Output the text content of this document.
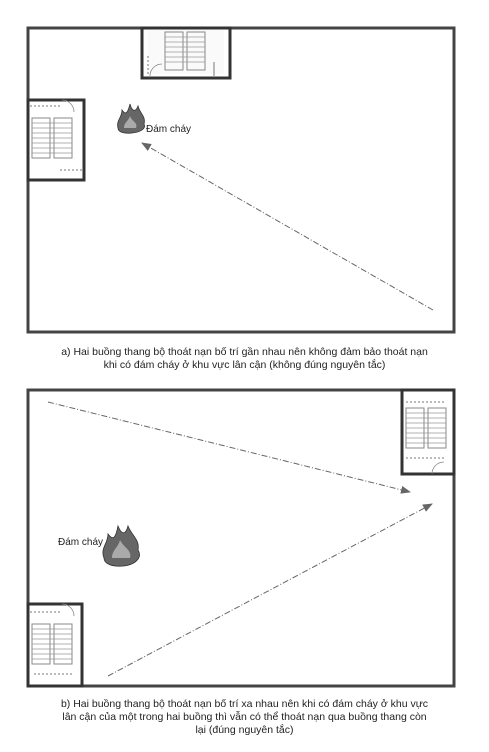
Đám cháy
Đám cháy
a) Hai buồng thang bộ thoát nạn bố trí gần nhau nên không đảm bảo thoát nạn
khi có đám cháy ở khu vực lân cận (không đúng nguyên tắc)
b) Hai buồng thang bộ thoát nạn bố trí xa nhau nên khi có đám cháy ở khu vực
lân cận của một trong hai buồng thì vẫn có thể thoát nạn qua buồng thang còn
lại (đúng nguyên tắc)
